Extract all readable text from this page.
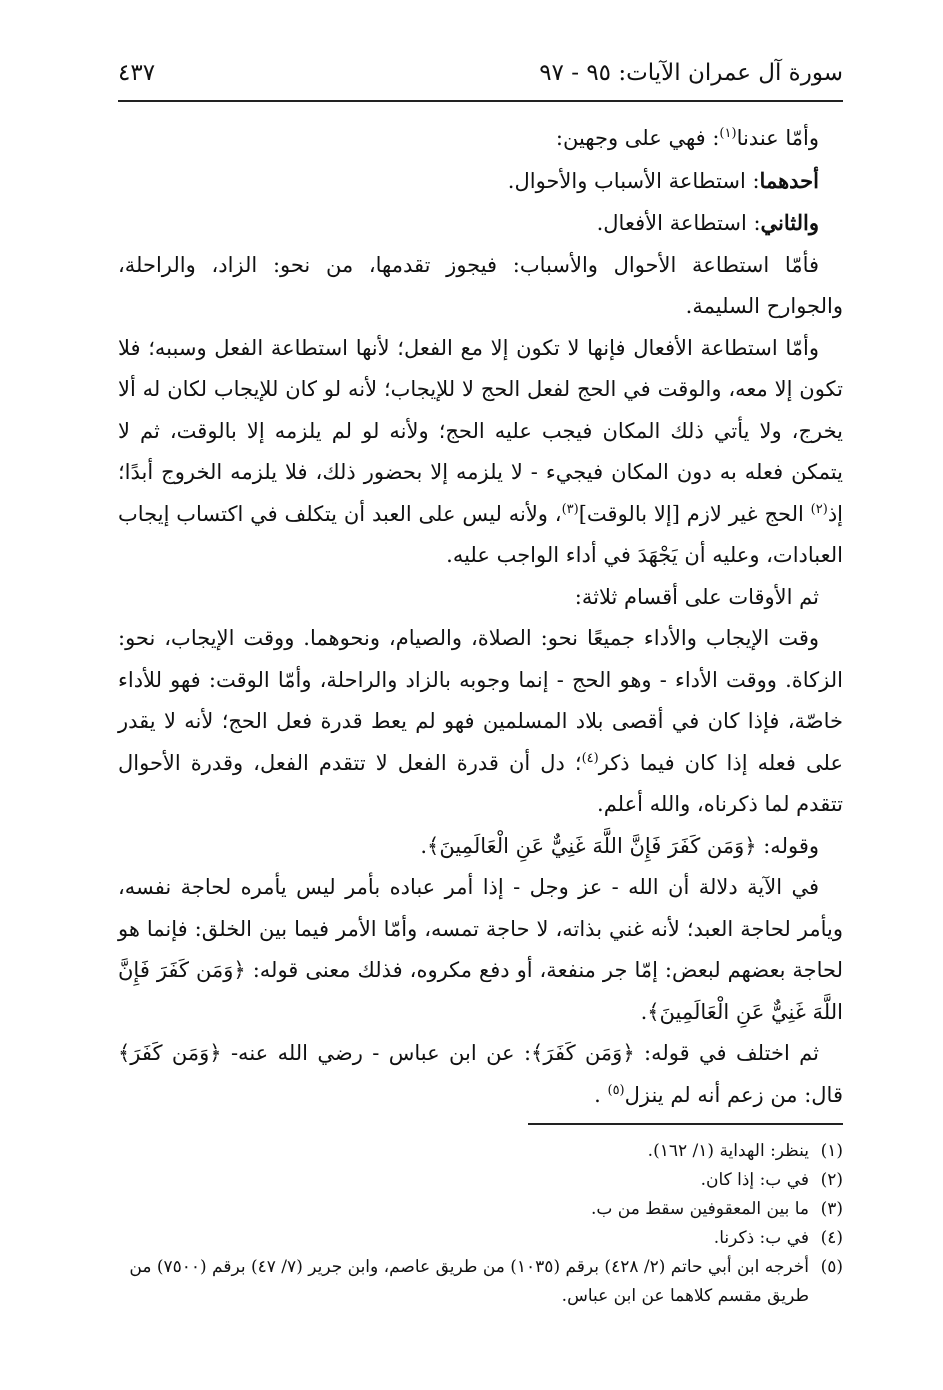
سورة آل عمران الآيات: ٩٥ - ٩٧
٤٣٧

وأمّا عندنا$^{(١)}$: فهي على وجهين:

أحدهما: استطاعة الأسباب والأحوال.

والثاني: استطاعة الأفعال.

فأمّا استطاعة الأحوال والأسباب: فيجوز تقدمها، من نحو: الزاد، والراحلة، والجوارح السليمة.

وأمّا استطاعة الأفعال فإنها لا تكون إلا مع الفعل؛ لأنها استطاعة الفعل وسببه؛ فلا تكون إلا معه، والوقت في الحج لفعل الحج لا للإيجاب؛ لأنه لو كان للإيجاب لكان له ألا يخرج، ولا يأتي ذلك المكان فيجب عليه الحج؛ ولأنه لو لم يلزمه إلا بالوقت، ثم لا يتمكن فعله به دون المكان فيجيء - لا يلزمه إلا بحضور ذلك، فلا يلزمه الخروج أبدًا؛ إذ$^{(٢)}$ الحج غير لازم [إلا بالوقت]$^{(٣)}$، ولأنه ليس على العبد أن يتكلف في اكتساب إيجاب العبادات، وعليه أن يَجْهَدَ في أداء الواجب عليه.

ثم الأوقات على أقسام ثلاثة:

وقت الإيجاب والأداء جميعًا نحو: الصلاة، والصيام، ونحوهما. ووقت الإيجاب، نحو: الزكاة. ووقت الأداء - وهو الحج - إنما وجوبه بالزاد والراحلة، وأمّا الوقت: فهو للأداء خاصّة، فإذا كان في أقصى بلاد المسلمين فهو لم يعط قدرة فعل الحج؛ لأنه لا يقدر على فعله إذا كان فيما ذكر$^{(٤)}$؛ دل أن قدرة الفعل لا تتقدم الفعل، وقدرة الأحوال تتقدم لما ذكرناه، والله أعلم.

وقوله: ﴿وَمَن كَفَرَ فَإِنَّ اللَّهَ غَنِيٌّ عَنِ الْعَالَمِينَ﴾.

في الآية دلالة أن الله - عز وجل - إذا أمر عباده بأمر ليس يأمره لحاجة نفسه، ويأمر لحاجة العبد؛ لأنه غني بذاته، لا حاجة تمسه، وأمّا الأمر فيما بين الخلق: فإنما هو لحاجة بعضهم لبعض: إمّا جر منفعة، أو دفع مكروه، فذلك معنى قوله: ﴿وَمَن كَفَرَ فَإِنَّ اللَّهَ غَنِيٌّ عَنِ الْعَالَمِينَ﴾.

ثم اختلف في قوله: ﴿وَمَن كَفَرَ﴾: عن ابن عباس - رضي الله عنه- ﴿وَمَن كَفَرَ﴾ قال: من زعم أنه لم ينزل$^{(٥)}$ .

(١)
ينظر: الهداية (١/ ١٦٢).
(٢)
في ب: إذا كان.
(٣)
ما بين المعقوفين سقط من ب.
(٤)
في ب: ذكرنا.
(٥)
أخرجه ابن أبي حاتم (٢/ ٤٢٨) برقم (١٠٣٥) من طريق عاصم، وابن جرير (٧/ ٤٧) برقم (٧٥٠٠) من طريق مقسم كلاهما عن ابن عباس.
